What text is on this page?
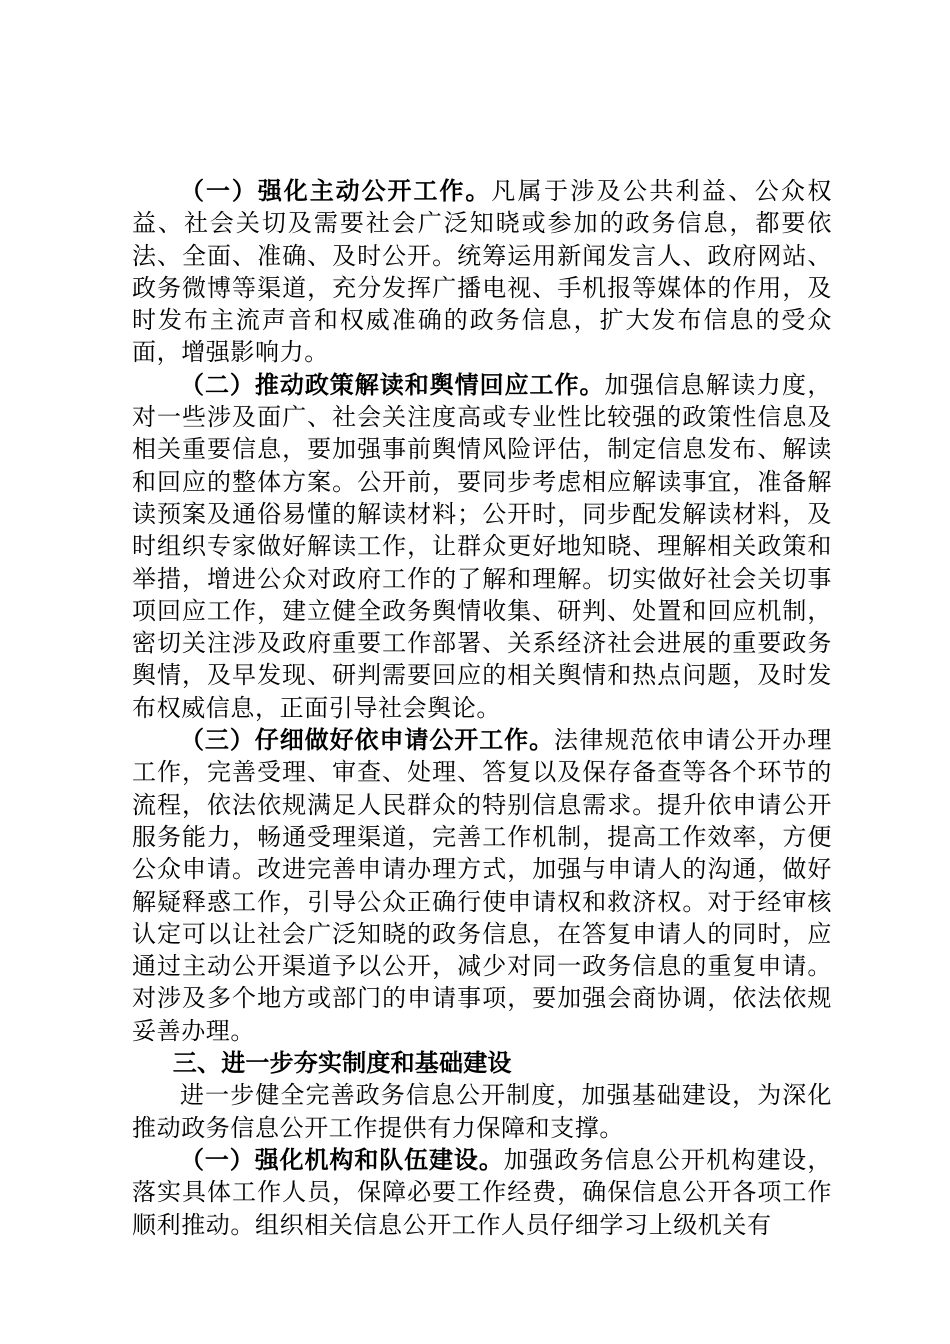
（一）强化主动公开工作。凡属于涉及公共利益、公众权益、社会关切及需要社会广泛知晓或参加的政务信息，都要依法、全面、准确、及时公开。统筹运用新闻发言人、政府网站、政务微博等渠道，充分发挥广播电视、手机报等媒体的作用，及时发布主流声音和权威准确的政务信息，扩大发布信息的受众面，增强影响力。

（二）推动政策解读和舆情回应工作。加强信息解读力度，对一些涉及面广、社会关注度高或专业性比较强的政策性信息及相关重要信息，要加强事前舆情风险评估，制定信息发布、解读和回应的整体方案。公开前，要同步考虑相应解读事宜，准备解读预案及通俗易懂的解读材料；公开时，同步配发解读材料，及时组织专家做好解读工作，让群众更好地知晓、理解相关政策和举措，增进公众对政府工作的了解和理解。切实做好社会关切事项回应工作，建立健全政务舆情收集、研判、处置和回应机制，密切关注涉及政府重要工作部署、关系经济社会进展的重要政务舆情，及早发现、研判需要回应的相关舆情和热点问题，及时发布权威信息，正面引导社会舆论。

（三）仔细做好依申请公开工作。法律规范依申请公开办理工作，完善受理、审查、处理、答复以及保存备查等各个环节的流程，依法依规满足人民群众的特别信息需求。提升依申请公开服务能力，畅通受理渠道，完善工作机制，提高工作效率，方便公众申请。改进完善申请办理方式，加强与申请人的沟通，做好解疑释惑工作，引导公众正确行使申请权和救济权。对于经审核认定可以让社会广泛知晓的政务信息，在答复申请人的同时，应通过主动公开渠道予以公开，减少对同一政务信息的重复申请。对涉及多个地方或部门的申请事项，要加强会商协调，依法依规妥善办理。

三、进一步夯实制度和基础建设

进一步健全完善政务信息公开制度，加强基础建设，为深化推动政务信息公开工作提供有力保障和支撑。

（一）强化机构和队伍建设。加强政务信息公开机构建设，落实具体工作人员，保障必要工作经费，确保信息公开各项工作顺利推动。组织相关信息公开工作人员仔细学习上级机关有
